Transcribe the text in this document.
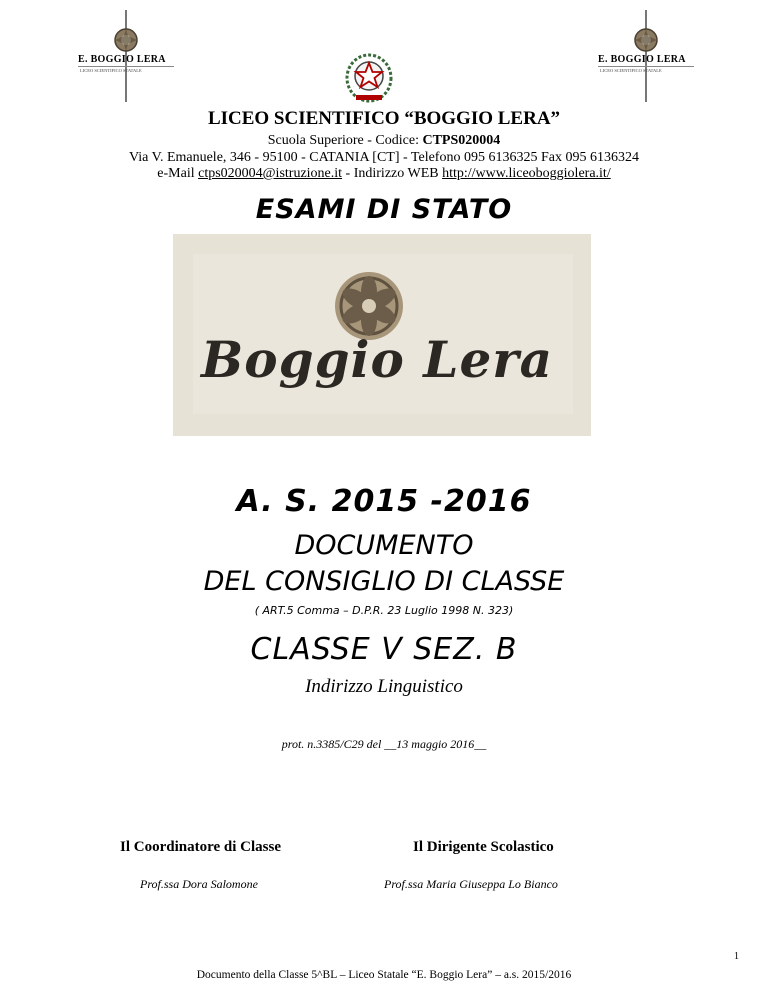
E. BOGGIO LERA
LICEO SCIENTIFICO STATALE
E. BOGGIO LERA
LICEO SCIENTIFICO STATALE
LICEO SCIENTIFICO “BOGGIO LERA”
Scuola Superiore - Codice: CTPS020004
Via V. Emanuele, 346 - 95100 - CATANIA [CT] - Telefono 095 6136325 Fax 095 6136324
e-Mail ctps020004@istruzione.it - Indirizzo WEB http://www.liceoboggiolera.it/
ESAMI DI STATO
Boggio Lera
A. S. 2015 -2016
DOCUMENTO
DEL CONSIGLIO DI CLASSE
( ART.5 Comma – D.P.R. 23 Luglio 1998 N. 323)
CLASSE V SEZ. B
Indirizzo Linguistico
prot. n.3385/C29 del __13 maggio 2016__
Il Coordinatore di Classe	Il Dirigente Scolastico
Prof.ssa Dora Salomone	Prof.ssa Maria Giuseppa Lo Bianco
1
Documento della Classe 5^BL – Liceo Statale “E. Boggio Lera” – a.s. 2015/2016
